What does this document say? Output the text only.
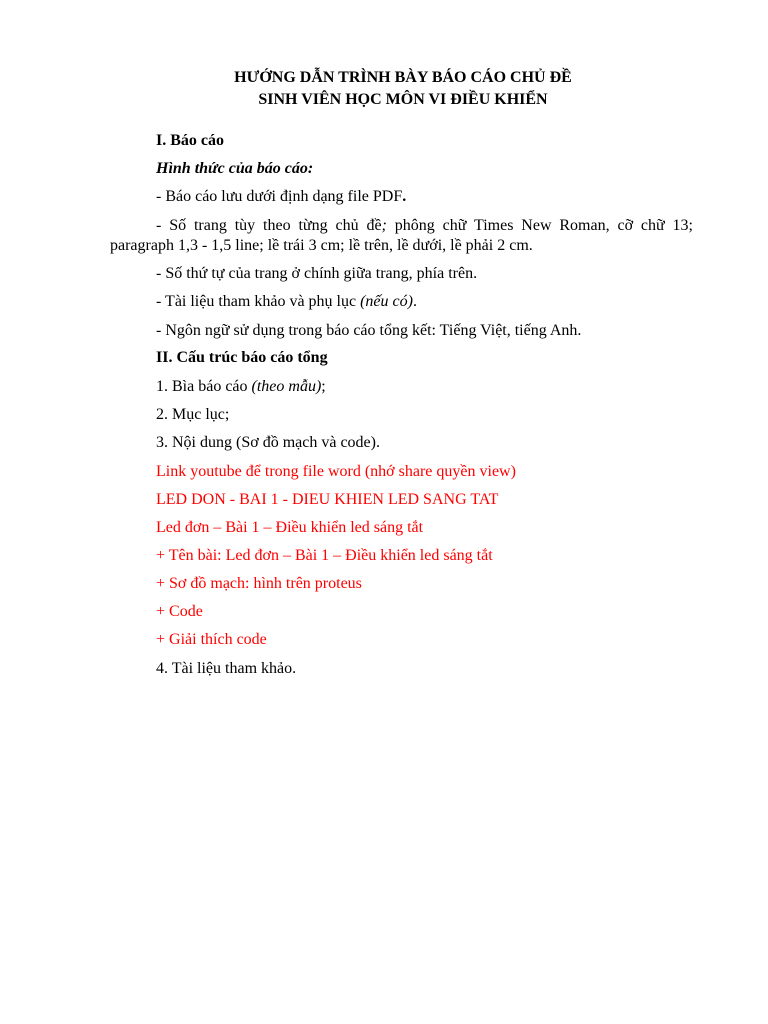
HƯỚNG DẪN TRÌNH BÀY BÁO CÁO CHỦ ĐỀ
SINH VIÊN HỌC MÔN VI ĐIỀU KHIỂN
I. Báo cáo
Hình thức của báo cáo:
- Báo cáo lưu dưới định dạng file PDF.
- Số trang tùy theo từng chủ đề; phông chữ Times New Roman, cỡ chữ 13;
paragraph 1,3 - 1,5 line; lề trái 3 cm; lề trên, lề dưới, lề phải 2 cm.
- Số thứ tự của trang ở chính giữa trang, phía trên.
- Tài liệu tham khảo và phụ lục (nếu có).
- Ngôn ngữ sử dụng trong báo cáo tổng kết: Tiếng Việt, tiếng Anh.
II. Cấu trúc báo cáo tổng
1. Bìa báo cáo (theo mẫu);
2. Mục lục;
3. Nội dung (Sơ đồ mạch và code).
Link youtube để trong file word (nhớ share quyền view)
LED DON - BAI 1 - DIEU KHIEN LED SANG TAT
Led đơn – Bài 1 – Điều khiển led sáng tắt
+ Tên bài: Led đơn – Bài 1 – Điều khiển led sáng tắt
+ Sơ đồ mạch: hình trên proteus
+ Code
+ Giải thích code
4. Tài liệu tham khảo.
